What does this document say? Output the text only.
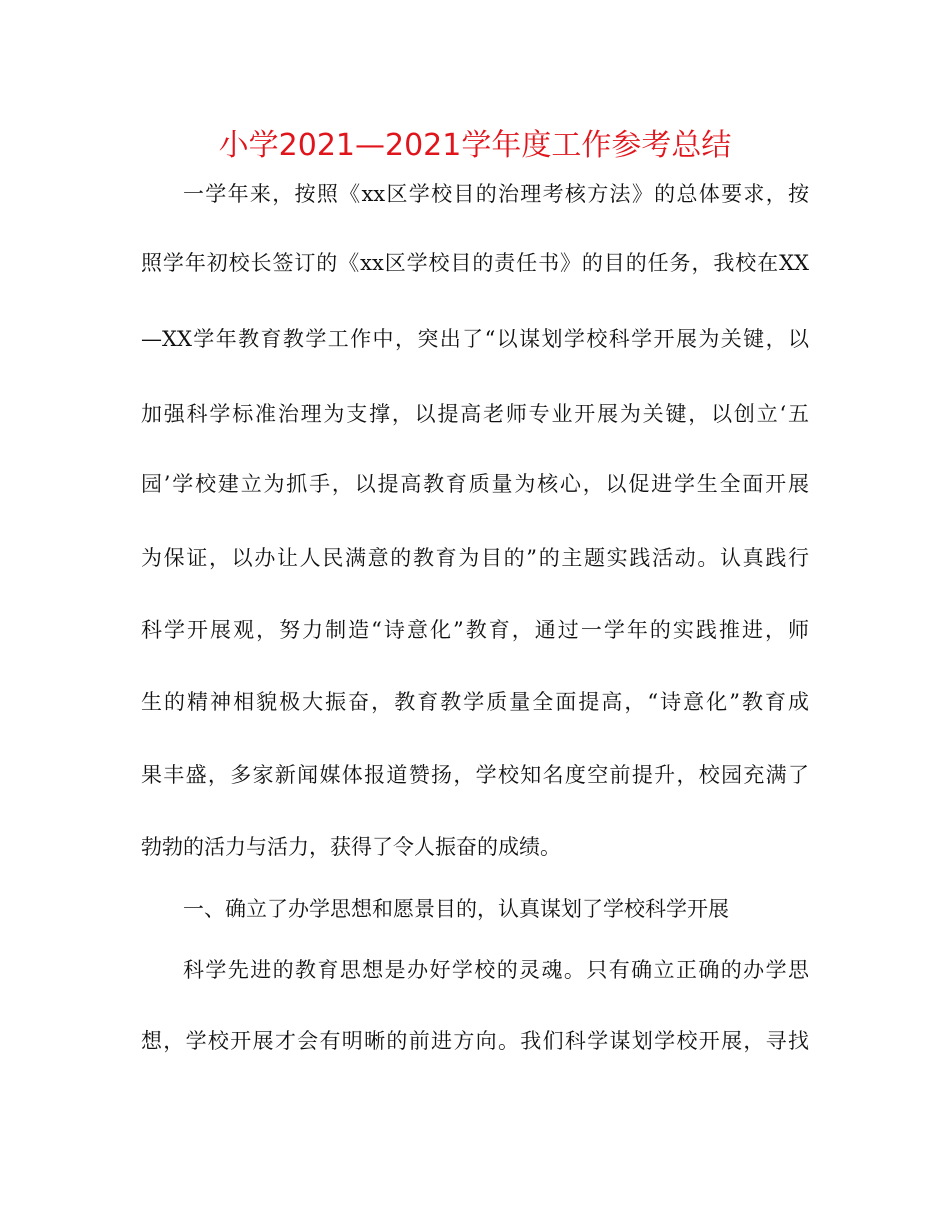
小学2021—2021学年度工作参考总结
一学年来，按照《xx区学校目的治理考核方法》的总体要求，按
照学年初校长签订的《xx区学校目的责任书》的目的任务，我校在XX
—XX学年教育教学工作中，突出了“以谋划学校科学开展为关键，以
加强科学标准治理为支撑，以提高老师专业开展为关键，以创立‘五
园’学校建立为抓手，以提高教育质量为核心，以促进学生全面开展
为保证，以办让人民满意的教育为目的”的主题实践活动。认真践行
科学开展观，努力制造“诗意化”教育，通过一学年的实践推进，师
生的精神相貌极大振奋，教育教学质量全面提高，“诗意化”教育成
果丰盛，多家新闻媒体报道赞扬，学校知名度空前提升，校园充满了
勃勃的活力与活力，获得了令人振奋的成绩。
一、确立了办学思想和愿景目的，认真谋划了学校科学开展
科学先进的教育思想是办好学校的灵魂。只有确立正确的办学思
想，学校开展才会有明晰的前进方向。我们科学谋划学校开展，寻找
